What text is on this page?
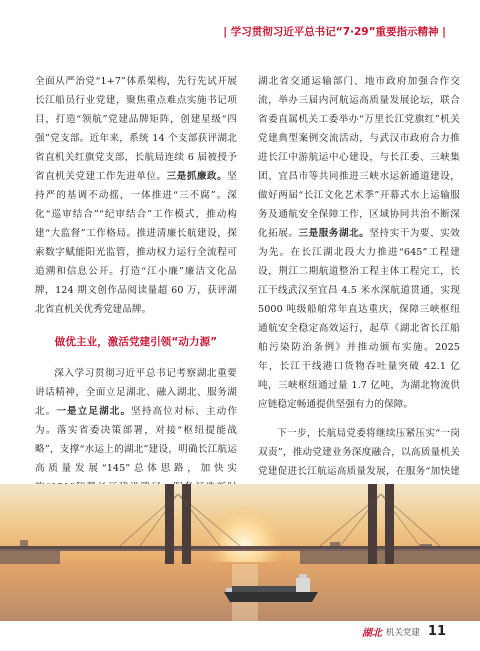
| 学习贯彻习近平总书记“7·29”重要指示精神 |

全面从严治党“1+7”体系架构，先行先试开展长江船员行业党建，聚焦重点难点实施书记项目，打造“领航”党建品牌矩阵，创建星级“四强”党支部。近年来，系统 14 个支部获评湖北省直机关红旗党支部，长航局连续 6 届被授予省直机关党建工作先进单位。三是抓廉政。坚持严的基调不动摇，一体推进“三不腐”。深化“巡审结合”“纪审结合”工作模式，推动构建“大监督”工作格局。推进清廉长航建设，探索数字赋能阳光监管，推动权力运行全流程可追溯和信息公开。打造“江小廉”廉洁文化品牌，124 期文创作品阅读量超 60 万，获评湖北省直机关优秀党建品牌。

做优主业，激活党建引领“动力源”

深入学习贯彻习近平总书记考察湖北重要讲话精神，全面立足湖北、融入湖北、服务湖北。一是立足湖北。坚持高位对标、主动作为。落实省委决策部署，对接“枢纽提能战略”，支撑“水运上的湖北”建设，明确长江航运高质量发展“145”总体思路，加快实

湖北省交通运输部门、地市政府加强合作交流，举办三届内河航运高质量发展论坛，联合省委直属机关工委举办“万里长江党旗红”机关党建典型案例交流活动，与武汉市政府合力推进长江中游航运中心建设，与长江委、三峡集团、宜昌市等共同推进三峡水运新通道建设，做好两届“长江文化艺术季”开幕式水上运输服务及通航安全保障工作，区域协同共治不断深化拓展。三是服务湖北。坚持实干为要、实效为先。在长江湖北段大力推进“645”工程建设，荆江二期航道整治工程主体工程完工，长江干线武汉至宜昌 4.5 米水深航道贯通，实现 5000 吨级船舶常年直达重庆，保障三峡枢纽通航安全稳定高效运行，起草《湖北省长江船舶污染防治条例》并推动颁布实施。2025 年，长江干线港口货物吞吐量突破 42.1 亿吨，三峡枢纽通过量 1.7 亿吨，为湖北物流供应链稳定畅通提供坚强有力的保障。

下一步，长航局党委将继续压紧压实“一岗双责”，推动党建业务深度融合，以高质量机关党建促进长江航运高质量发展，在服务“加快建

湖北 机关党建 11
